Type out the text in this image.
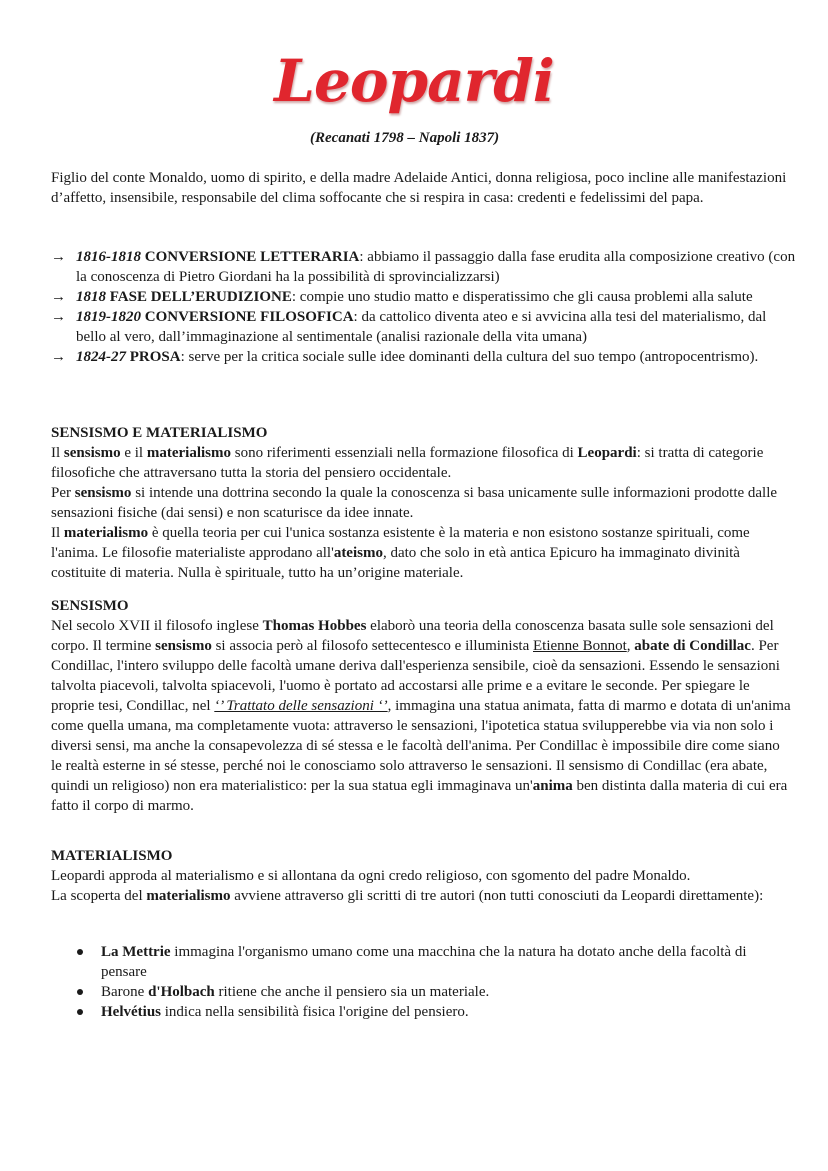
Leopardi
(Recanati 1798 – Napoli 1837)

Figlio del conte Monaldo, uomo di spirito, e della madre Adelaide Antici, donna religiosa, poco incline alle manifestazioni d’affetto, insensibile, responsabile del clima soffocante che si respira in casa: credenti e fedelissimi del papa.

→ 1816-1818 CONVERSIONE LETTERARIA: abbiamo il passaggio dalla fase erudita alla composizione creativo (con la conoscenza di Pietro Giordani ha la possibilità di sprovincializzarsi)
→ 1818 FASE DELL’ERUDIZIONE: compie uno studio matto e disperatissimo che gli causa problemi alla salute
→ 1819-1820 CONVERSIONE FILOSOFICA: da cattolico diventa ateo e si avvicina alla tesi del materialismo, dal bello al vero, dall’immaginazione al sentimentale (analisi razionale della vita umana)
→ 1824-27 PROSA: serve per la critica sociale sulle idee dominanti della cultura del suo tempo (antropocentrismo).

SENSISMO E MATERIALISMO

Il sensismo e il materialismo sono riferimenti essenziali nella formazione filosofica di Leopardi: si tratta di categorie filosofiche che attraversano tutta la storia del pensiero occidentale.

Per sensismo si intende una dottrina secondo la quale la conoscenza si basa unicamente sulle informazioni prodotte dalle sensazioni fisiche (dai sensi) e non scaturisce da idee innate.

Il materialismo è quella teoria per cui l'unica sostanza esistente è la materia e non esistono sostanze spirituali, come l'anima. Le filosofie materialiste approdano all'ateismo, dato che solo in età antica Epicuro ha immaginato divinità costituite di materia. Nulla è spirituale, tutto ha un’origine materiale.

SENSISMO

Nel secolo XVII il filosofo inglese Thomas Hobbes elaborò una teoria della conoscenza basata sulle sole sensazioni del corpo. Il termine sensismo si associa però al filosofo settecentesco e illuminista Etienne Bonnot, abate di Condillac. Per Condillac, l'intero sviluppo delle facoltà umane deriva dall'esperienza sensibile, cioè da sensazioni. Essendo le sensazioni talvolta piacevoli, talvolta spiacevoli, l'uomo è portato ad accostarsi alle prime e a evitare le seconde. Per spiegare le proprie tesi, Condillac, nel ‘’ Trattato delle sensazioni ‘’, immagina una statua animata, fatta di marmo e dotata di un'anima come quella umana, ma completamente vuota: attraverso le sensazioni, l'ipotetica statua svilupperebbe via via non solo i diversi sensi, ma anche la consapevolezza di sé stessa e le facoltà dell'anima. Per Condillac è impossibile dire come siano le realtà esterne in sé stesse, perché noi le conosciamo solo attraverso le sensazioni. Il sensismo di Condillac (era abate, quindi un religioso) non era materialistico: per la sua statua egli immaginava un'anima ben distinta dalla materia di cui era fatto il corpo di marmo.

MATERIALISMO

Leopardi approda al materialismo e si allontana da ogni credo religioso, con sgomento del padre Monaldo.

La scoperta del materialismo avviene attraverso gli scritti di tre autori (non tutti conosciuti da Leopardi direttamente):

La Mettrie immagina l'organismo umano come una macchina che la natura ha dotato anche della facoltà di pensare
Barone d'Holbach ritiene che anche il pensiero sia un materiale.
Helvétius indica nella sensibilità fisica l'origine del pensiero.
